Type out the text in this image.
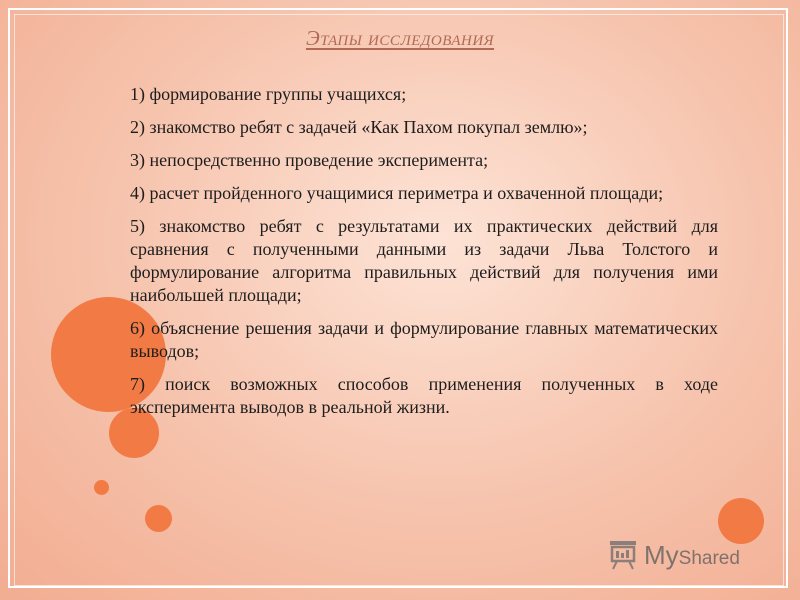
Этапы исследования

1) формирование группы учащихся;

2) знакомство ребят с задачей «Как Пахом покупал землю»;

3) непосредственно проведение эксперимента;

4) расчет пройденного учащимися периметра и охваченной площади;

5) знакомство ребят с результатами их практических действий для сравнения с полученными данными из задачи Льва Толстого и формулирование алгоритма правильных действий для получения ими наибольшей площади;

6) объяснение решения задачи и формулирование главных математических выводов;

7) поиск возможных способов применения полученных в ходе эксперимента выводов в реальной жизни.

MyShared
